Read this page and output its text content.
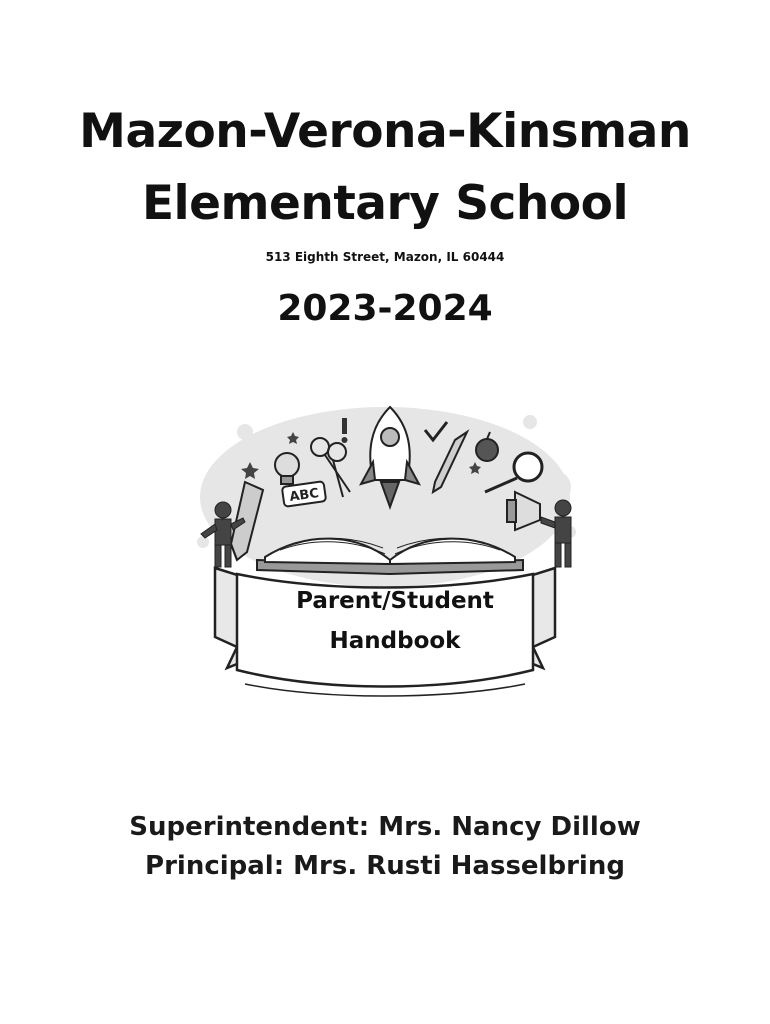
Mazon-Verona-Kinsman
Elementary School
513 Eighth Street, Mazon, IL 60444
2023-2024
ABC
Parent/Student
Handbook
Superintendent: Mrs. Nancy Dillow
Principal: Mrs. Rusti Hasselbring
